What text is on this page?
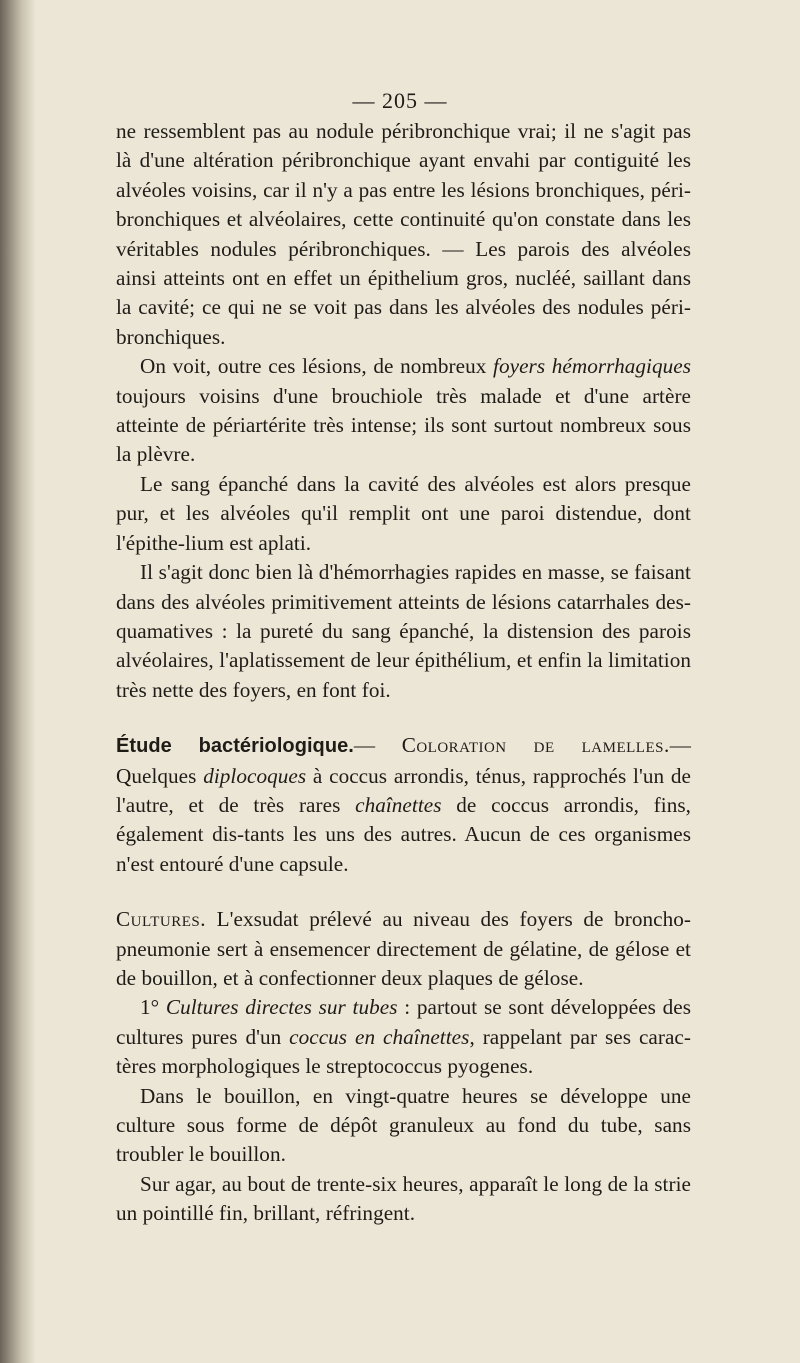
— 205 —

ne ressemblent pas au nodule péribronchique vrai; il ne s'agit pas là d'une altération péribronchique ayant envahi par contiguité les alvéoles voisins, car il n'y a pas entre les lésions bronchiques, péri-bronchiques et alvéolaires, cette continuité qu'on constate dans les véritables nodules péribronchiques. — Les parois des alvéoles ainsi atteints ont en effet un épithelium gros, nucléé, saillant dans la cavité; ce qui ne se voit pas dans les alvéoles des nodules péri-bronchiques.

On voit, outre ces lésions, de nombreux foyers hémorrhagiques toujours voisins d'une brouchiole très malade et d'une artère atteinte de périartérite très intense; ils sont surtout nombreux sous la plèvre.

Le sang épanché dans la cavité des alvéoles est alors presque pur, et les alvéoles qu'il remplit ont une paroi distendue, dont l'épithe-lium est aplati.

Il s'agit donc bien là d'hémorrhagies rapides en masse, se faisant dans des alvéoles primitivement atteints de lésions catarrhales des-quamatives : la pureté du sang épanché, la distension des parois alvéolaires, l'aplatissement de leur épithélium, et enfin la limitation très nette des foyers, en font foi.

Étude bactériologique.— Coloration de lamelles.— Quelques diplocoques à coccus arrondis, ténus, rapprochés l'un de l'autre, et de très rares chaînettes de coccus arrondis, fins, également dis-tants les uns des autres. Aucun de ces organismes n'est entouré d'une capsule.

Cultures. L'exsudat prélevé au niveau des foyers de broncho-pneumonie sert à ensemencer directement de gélatine, de gélose et de bouillon, et à confectionner deux plaques de gélose.

1° Cultures directes sur tubes : partout se sont développées des cultures pures d'un coccus en chaînettes, rappelant par ses carac-tères morphologiques le streptococcus pyogenes.

Dans le bouillon, en vingt-quatre heures se développe une culture sous forme de dépôt granuleux au fond du tube, sans troubler le bouillon.

Sur agar, au bout de trente-six heures, apparaît le long de la strie un pointillé fin, brillant, réfringent.
